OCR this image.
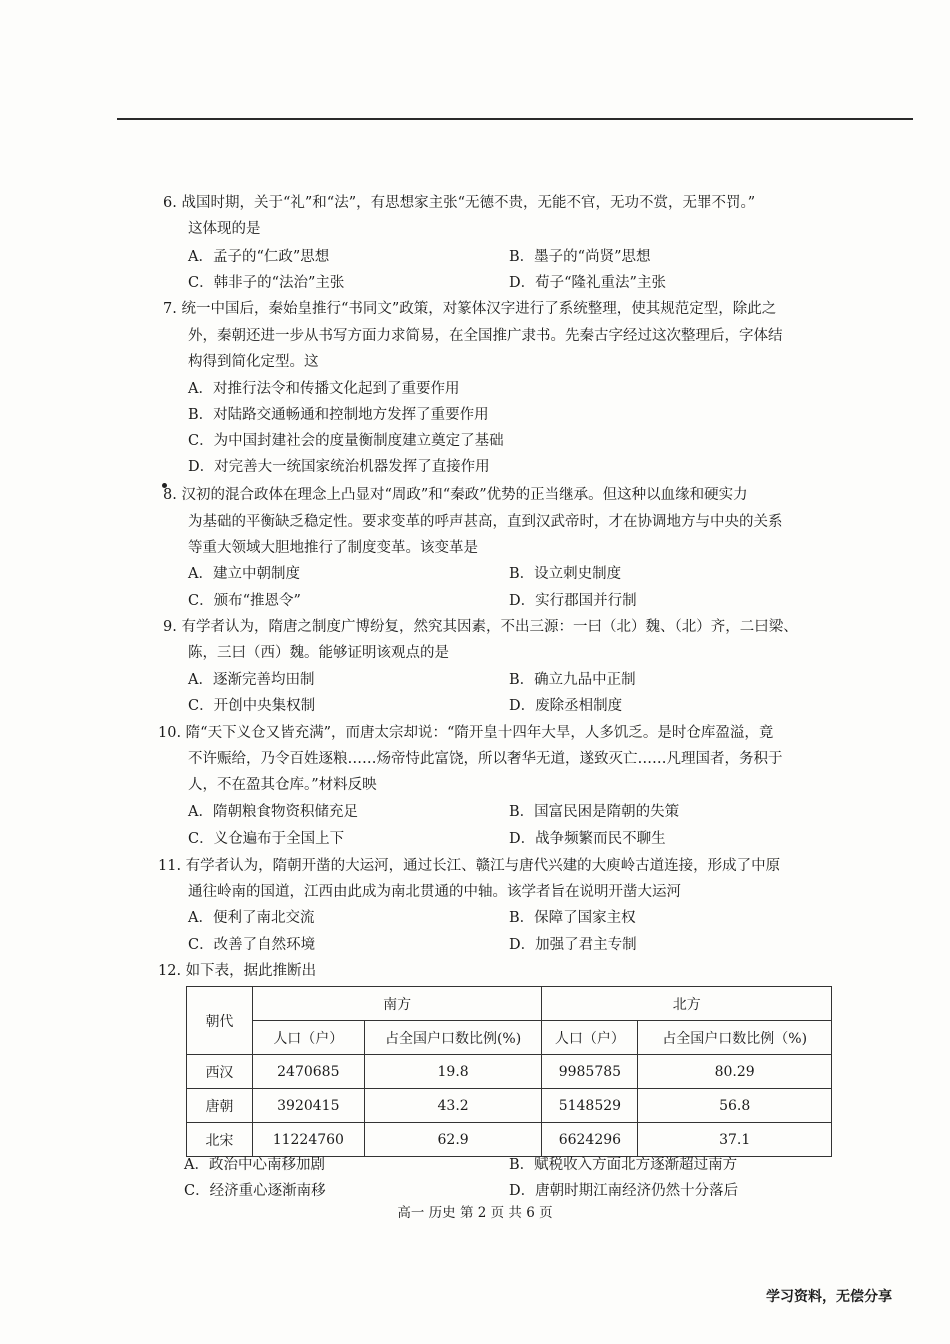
6. 战国时期，关于“礼”和“法”，有思想家主张“无德不贵，无能不官，无功不赏，无罪不罚。”
这体现的是
A．孟子的“仁政”思想	B．墨子的“尚贤”思想
C．韩非子的“法治”主张	D．荀子“隆礼重法”主张
7. 统一中国后，秦始皇推行“书同文”政策，对篆体汉字进行了系统整理，使其规范定型，除此之
外，秦朝还进一步从书写方面力求简易，在全国推广隶书。先秦古字经过这次整理后，字体结
构得到简化定型。这
A．对推行法令和传播文化起到了重要作用
B．对陆路交通畅通和控制地方发挥了重要作用
C．为中国封建社会的度量衡制度建立奠定了基础
D．对完善大一统国家统治机器发挥了直接作用
8. 汉初的混合政体在理念上凸显对“周政”和“秦政”优势的正当继承。但这种以血缘和硬实力
为基础的平衡缺乏稳定性。要求变革的呼声甚高，直到汉武帝时，才在协调地方与中央的关系
等重大领域大胆地推行了制度变革。该变革是
A．建立中朝制度	B．设立刺史制度
C．颁布“推恩令”	D．实行郡国并行制
9. 有学者认为，隋唐之制度广博纷复，然究其因素，不出三源：一曰（北）魏、（北）齐，二曰梁、
陈，三曰（西）魏。能够证明该观点的是
A．逐渐完善均田制	B．确立九品中正制
C．开创中央集权制	D．废除丞相制度
10. 隋“天下义仓又皆充满”，而唐太宗却说：“隋开皇十四年大旱，人多饥乏。是时仓库盈溢，竟
不许赈给，乃令百姓逐粮……炀帝恃此富饶，所以奢华无道，遂致灭亡……凡理国者，务积于
人，不在盈其仓库。”材料反映
A．隋朝粮食物资积储充足	B．国富民困是隋朝的失策
C．义仓遍布于全国上下	D．战争频繁而民不聊生
11. 有学者认为，隋朝开凿的大运河，通过长江、赣江与唐代兴建的大庾岭古道连接，形成了中原
通往岭南的国道，江西由此成为南北贯通的中轴。该学者旨在说明开凿大运河
A．便利了南北交流	B．保障了国家主权
C．改善了自然环境	D．加强了君主专制
12. 如下表，据此推断出
朝代	南方		北方	
	人口（户）	占全国户口数比例(%)	人口（户）	占全国户口数比例（%)
西汉	2470685	19.8	9985785	80.29
唐朝	3920415	43.2	5148529	56.8
北宋	11224760	62.9	6624296	37.1
A．政治中心南移加剧	B．赋税收入方面北方逐渐超过南方
C．经济重心逐渐南移	D．唐朝时期江南经济仍然十分落后
高一 历史 第 2 页 共 6 页
学习资料，无偿分享
